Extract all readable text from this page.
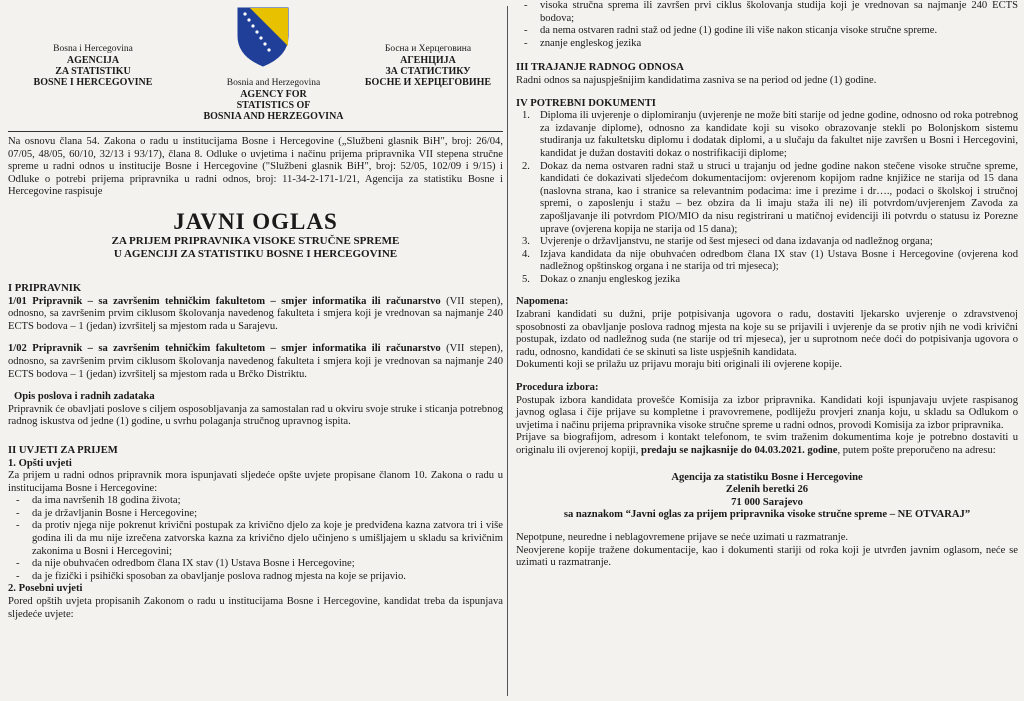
Bosna i Hercegovina
AGENCIJA
ZA STATISTIKU
BOSNE I HERCEGOVINE	Bosnia and Herzegovina
AGENCY FOR
STATISTICS OF
BOSNIA AND HERZEGOVINA
Босна и Херцеговина
АГЕНЦИЈА
ЗА СТАТИСТИКУ
БОСНЕ И ХЕРЦЕГОВИНЕ

Na osnovu člana 54. Zakona o radu u institucijama Bosne i Hercegovine („Službeni glasnik BiH", broj: 26/04, 07/05, 48/05, 60/10, 32/13 i 93/17), člana 8. Odluke o uvjetima i načinu prijema pripravnika VII stepena stručne spreme u radni odnos u institucije Bosne i Hercegovine ("Službeni glasnik BiH", broj: 52/05, 102/09 i 9/15) i Odluke o potrebi prijema pripravnika u radni odnos, broj: 11-34-2-171-1/21, Agencija za statistiku Bosne i Hercegovine raspisuje

JAVNI OGLAS
ZA PRIJEM PRIPRAVNIKA VISOKE STRUČNE SPREME
U AGENCIJI ZA STATISTIKU BOSNE I HERCEGOVINE
I PRIPRAVNIK

1/01 Pripravnik – sa završenim tehničkim fakultetom – smjer informatika ili računarstvo (VII stepen), odnosno, sa završenim prvim ciklusom školovanja navedenog fakulteta i smjera koji je vrednovan sa najmanje 240 ECTS bodova – 1 (jedan) izvršitelj sa mjestom rada u Sarajevu.

1/02 Pripravnik – sa završenim tehničkim fakultetom – smjer informatika ili računarstvo (VII stepen), odnosno, sa završenim prvim ciklusom školovanja navedenog fakulteta i smjera koji je vrednovan sa najmanje 240 ECTS bodova – 1 (jedan) izvršitelj sa mjestom rada u Brčko Distriktu.

Opis poslova i radnih zadataka

Pripravnik će obavljati poslove s ciljem osposobljavanja za samostalan rad u okviru svoje struke i sticanja potrebnog radnog iskustva od jedne (1) godine, u svrhu polaganja stručnog upravnog ispita.

II UVJETI ZA PRIJEM
1. Opšti uvjeti

Za prijem u radni odnos pripravnik mora ispunjavati sljedeće opšte uvjete propisane članom 10. Zakona o radu u institucijama Bosne i Hercegovine:

- da ima navršenih 18 godina života;
- da je državljanin Bosne i Hercegovine;
- da protiv njega nije pokrenut krivični postupak za krivično djelo za koje je predviđena kazna zatvora tri i više godina ili da mu nije izrečena zatvorska kazna za krivično djelo učinjeno s umišljajem u skladu sa krivičnim zakonima u Bosni i Hercegovini;
- da nije obuhvaćen odredbom člana IX stav (1) Ustava Bosne i Hercegovine;
- da je fizički i psihički sposoban za obavljanje poslova radnog mjesta na koje se prijavio.
2. Posebni uvjeti

Pored opštih uvjeta propisanih Zakonom o radu u institucijama Bosne i Hercegovine, kandidat treba da ispunjava sljedeće uvjete:

- visoka stručna sprema ili završen prvi ciklus školovanja studija koji je vrednovan sa najmanje 240 ECTS bodova;
- da nema ostvaren radni staž od jedne (1) godine ili više nakon sticanja visoke stručne spreme.
- znanje engleskog jezika
III TRAJANJE RADNOG ODNOSA

Radni odnos sa najuspješnijim kandidatima zasniva se na period od jedne (1) godine.

IV POTREBNI DOKUMENTI
1. Diploma ili uvjerenje o diplomiranju (uvjerenje ne može biti starije od jedne godine, odnosno od roka potrebnog za izdavanje diplome), odnosno za kandidate koji su visoko obrazovanje stekli po Bolonjskom sistemu studiranja uz fakultetsku diplomu i dodatak diplomi, a u slučaju da fakultet nije završen u Bosni i Hercegovini, kandidat je dužan dostaviti dokaz o nostrifikaciji diplome;
2. Dokaz da nema ostvaren radni staž u struci u trajanju od jedne godine nakon stečene visoke stručne spreme, kandidati će dokazivati sljedećom dokumentacijom: ovjerenom kopijom radne knjižice ne starija od 15 dana (naslovna strana, kao i stranice sa relevantnim podacima: ime i prezime i dr…., podaci o školskoj i stručnoj spremi, o zaposlenju i stažu – bez obzira da li imaju staža ili ne) ili potvrdom/uvjerenjem Zavoda za zapošljavanje ili potvrdom PIO/MIO da nisu registrirani u matičnoj evidenciji ili potvrdu o statusu iz Porezne uprave (ovjerena kopija ne starija od 15 dana);
3. Uvjerenje o državljanstvu, ne starije od šest mjeseci od dana izdavanja od nadležnog organa;
4. Izjava kandidata da nije obuhvaćen odredbom člana IX stav (1) Ustava Bosne i Hercegovine (ovjerena kod nadležnog opštinskog organa i ne starija od tri mjeseca);
5. Dokaz o znanju engleskog jezika
Napomena:

Izabrani kandidati su dužni, prije potpisivanja ugovora o radu, dostaviti ljekarsko uvjerenje o zdravstvenoj sposobnosti za obavljanje poslova radnog mjesta na koje su se prijavili i uvjerenje da se protiv njih ne vodi krivični postupak, izdato od nadležnog suda (ne starije od tri mjeseca), jer u suprotnom neće doći do potpisivanja ugovora o radu, odnosno, kandidati će se skinuti sa liste uspješnih kandidata.

Dokumenti koji se prilažu uz prijavu moraju biti originali ili ovjerene kopije.

Procedura izbora:

Postupak izbora kandidata provešće Komisija za izbor pripravnika. Kandidati koji ispunjavaju uvjete raspisanog javnog oglasa i čije prijave su kompletne i pravovremene, podliježu provjeri znanja koju, u skladu sa Odlukom o uvjetima i načinu prijema pripravnika visoke stručne spreme u radni odnos, provodi Komisija za izbor pripravnika.

Prijave sa biografijom, adresom i kontakt telefonom, te svim traženim dokumentima koje je potrebno dostaviti u originalu ili ovjerenoj kopiji, predaju se najkasnije do 04.03.2021. godine, putem pošte preporučeno na adresu:

Agencija za statistiku Bosne i Hercegovine
Zelenih beretki 26
71 000 Sarajevo
sa naznakom “Javni oglas za prijem pripravnika visoke stručne spreme – NE OTVARAJ”

Nepotpune, neuredne i neblagovremene prijave se neće uzimati u razmatranje.

Neovjerene kopije tražene dokumentacije, kao i dokumenti stariji od roka koji je utvrđen javnim oglasom, neće se uzimati u razmatranje.
